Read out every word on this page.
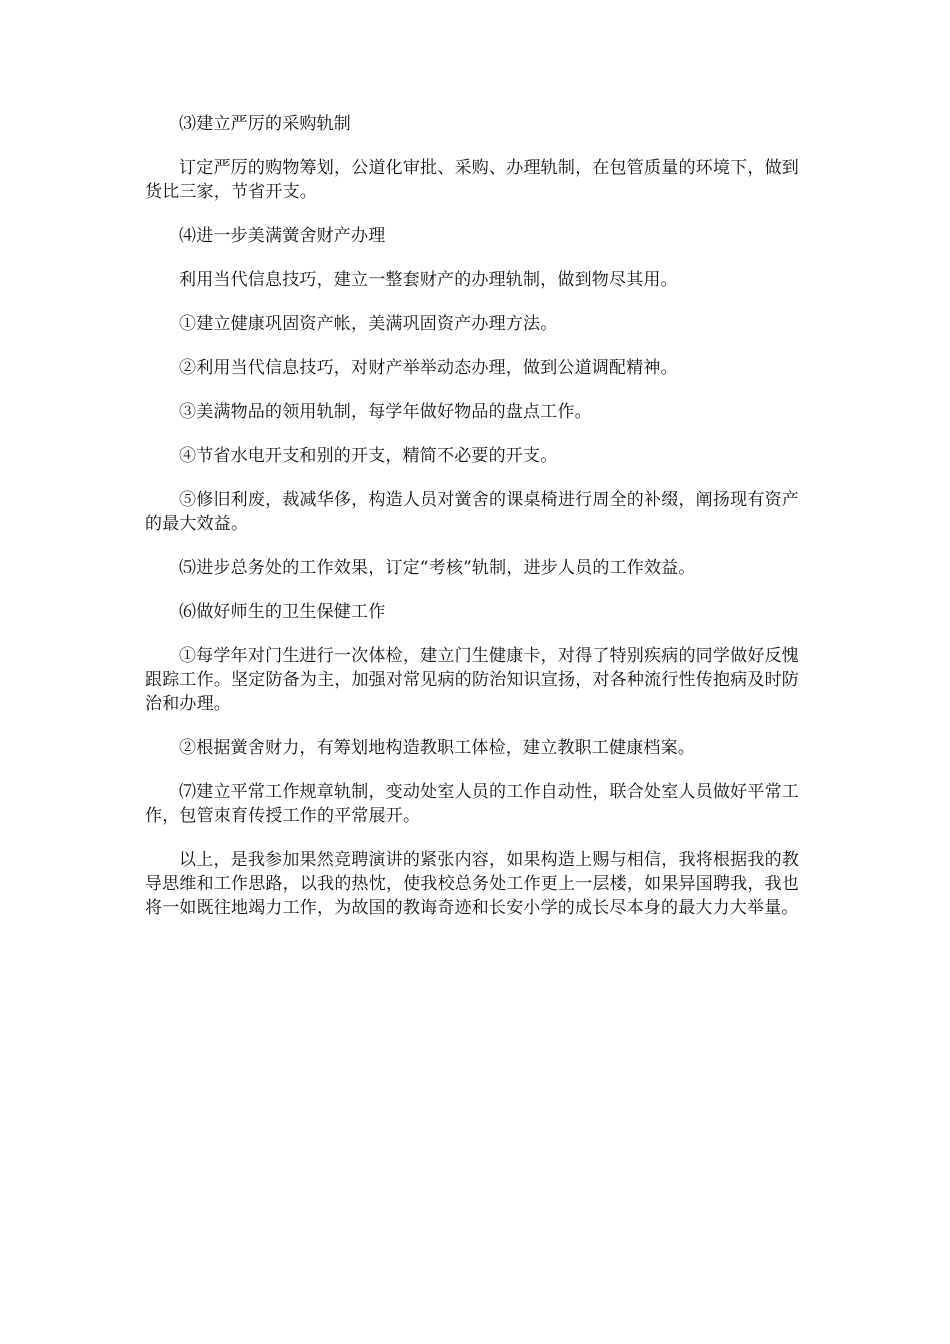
⑶建立严厉的采购轨制

订定严厉的购物筹划，公道化审批、采购、办理轨制，在包管质量的环境下，做到货比三家，节省开支。

⑷进一步美满黉舍财产办理

利用当代信息技巧，建立一整套财产的办理轨制，做到物尽其用。

①建立健康巩固资产帐，美满巩固资产办理方法。

②利用当代信息技巧，对财产举举动态办理，做到公道调配精神。

③美满物品的领用轨制，每学年做好物品的盘点工作。

④节省水电开支和别的开支，精简不必要的开支。

⑤修旧利废，裁减华侈，构造人员对黉舍的课桌椅进行周全的补缀，阐扬现有资产的最大效益。

⑸进步总务处的工作效果，订定“考核”轨制，进步人员的工作效益。

⑹做好师生的卫生保健工作

①每学年对门生进行一次体检，建立门生健康卡，对得了特别疾病的同学做好反愧跟踪工作。坚定防备为主，加强对常见病的防治知识宣扬，对各种流行性传抱病及时防治和办理。

②根据黉舍财力，有筹划地构造教职工体检，建立教职工健康档案。

⑺建立平常工作规章轨制，变动处室人员的工作自动性，联合处室人员做好平常工作，包管朿育传授工作的平常展开。

以上，是我参加果然竞聘演讲的紧张内容，如果构造上赐与相信，我将根据我的教导思维和工作思路，以我的热忱，使我校总务处工作更上一层楼，如果异国聘我，我也将一如既往地竭力工作，为故国的教诲奇迹和长安小学的成长尽本身的最大力大举量。
